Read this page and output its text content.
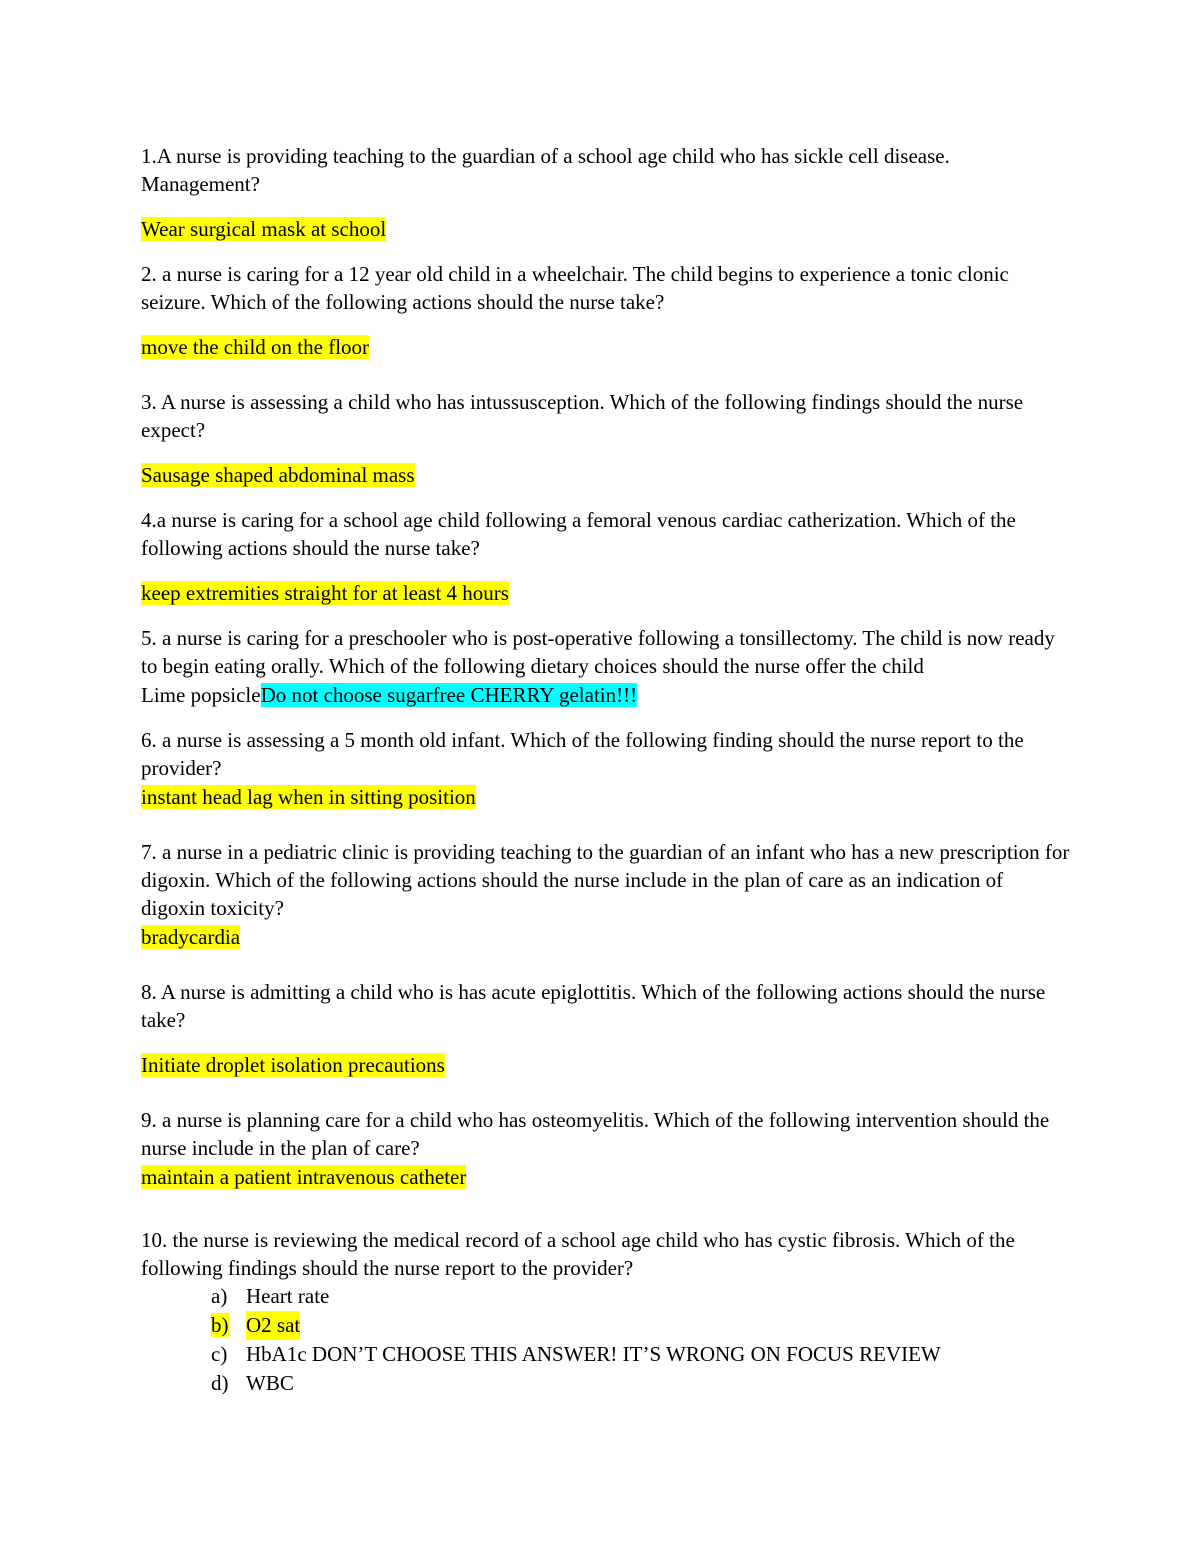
1.A nurse is providing teaching to the guardian of a school age child who has sickle cell disease. Management?

Wear surgical mask at school

2. a nurse is caring for a 12 year old child in a wheelchair. The child begins to experience a tonic clonic seizure. Which of the following actions should the nurse take?

move the child on the floor

3. A nurse is assessing a child who has intussusception. Which of the following findings should the nurse expect?

Sausage shaped abdominal mass

4.a nurse is caring for a school age child following a femoral venous cardiac catherization. Which of the following actions should the nurse take?

keep extremities straight for at least 4 hours

5. a nurse is caring for a preschooler who is post-operative following a tonsillectomy. The child is now ready to begin eating orally. Which of the following dietary choices should the nurse offer the child

Lime popsicleDo not choose sugarfree CHERRY gelatin!!!

6. a nurse is assessing a 5 month old infant. Which of the following finding should the nurse report to the provider?

instant head lag when in sitting position

7. a nurse in a pediatric clinic is providing teaching to the guardian of an infant who has a new prescription for digoxin. Which of the following actions should the nurse include in the plan of care as an indication of digoxin toxicity?

bradycardia

8. A nurse is admitting a child who is has acute epiglottitis. Which of the following actions should the nurse take?

Initiate droplet isolation precautions

9. a nurse is planning care for a child who has osteomyelitis. Which of the following intervention should the nurse include in the plan of care?

maintain a patient intravenous catheter

10. the nurse is reviewing the medical record of a school age child who has cystic fibrosis. Which of the following findings should the nurse report to the provider?

a) Heart rate
b) O2 sat
c) HbA1c DON’T CHOOSE THIS ANSWER! IT’S WRONG ON FOCUS REVIEW
d) WBC
